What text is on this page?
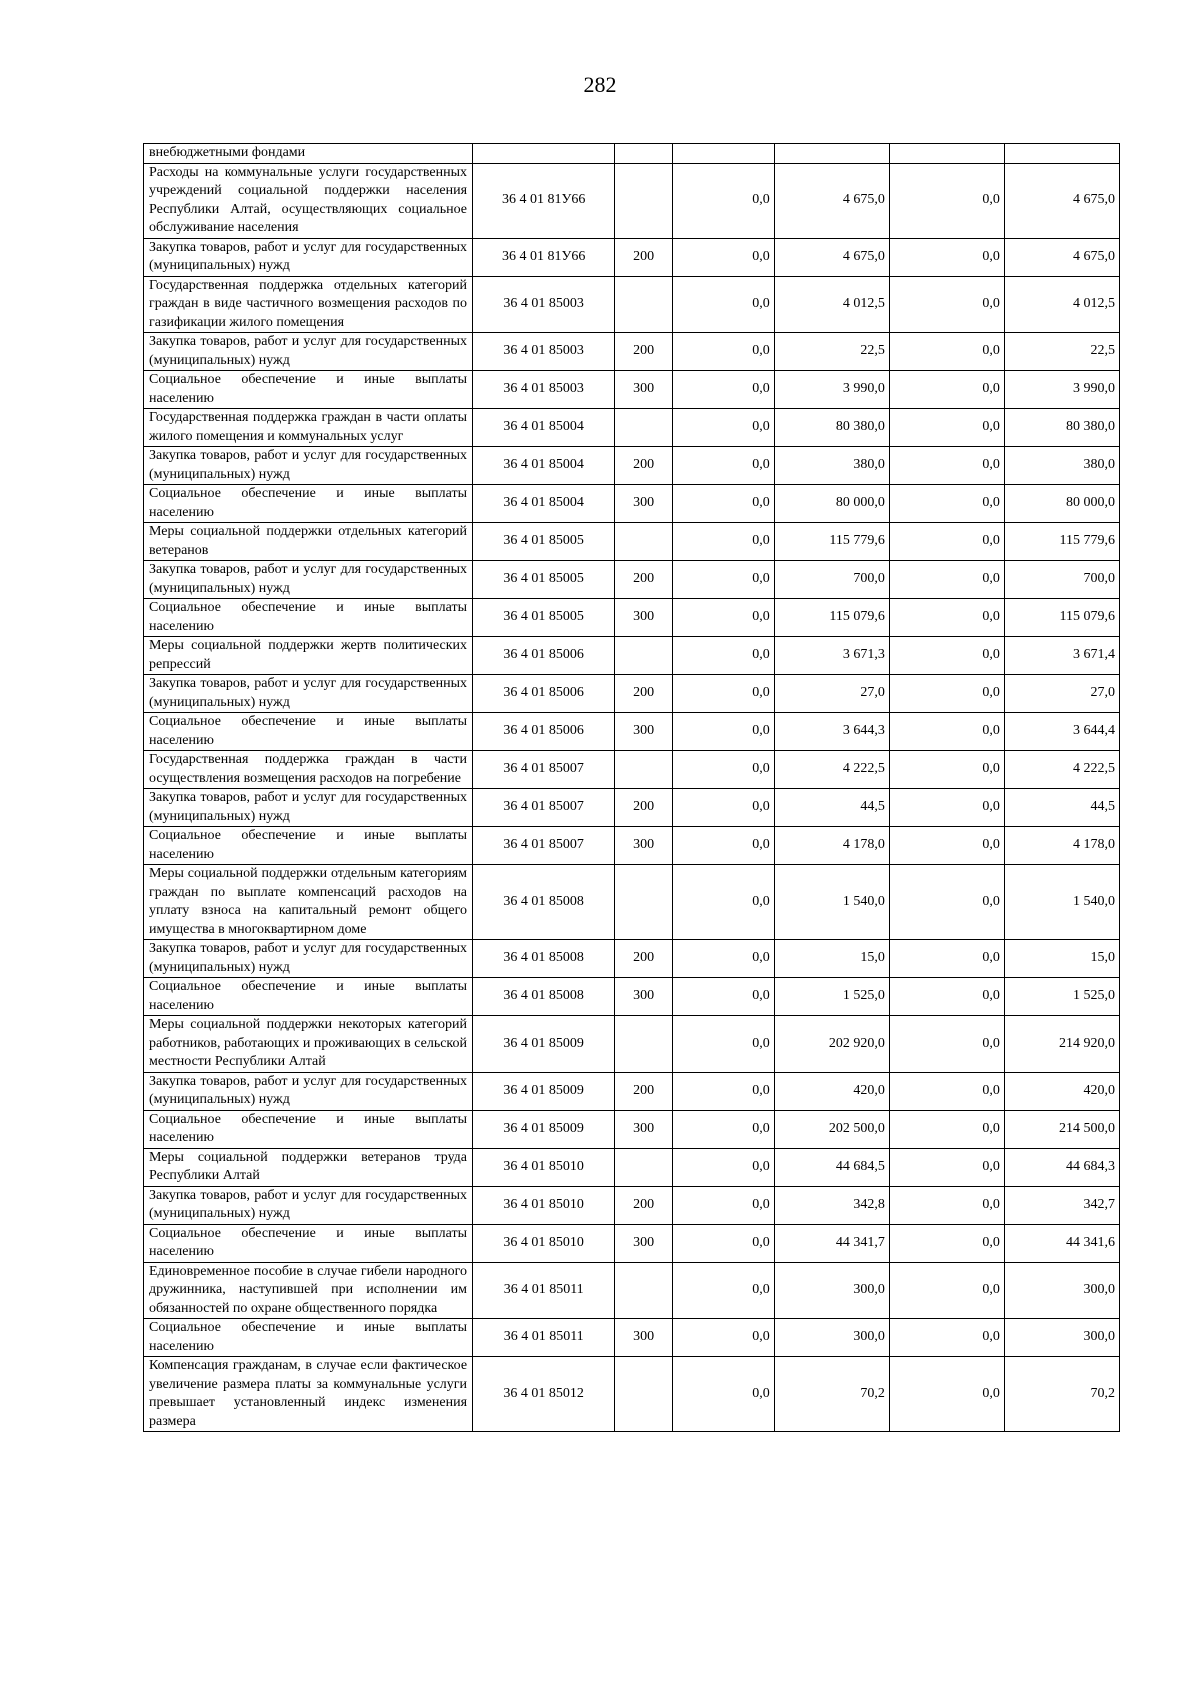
282
внебюджетными фондами						
Расходы на коммунальные услуги государственных учреждений социальной поддержки населения Республики Алтай, осуществляющих социальное обслуживание населения	36 4 01 81У66		0,0	4 675,0	0,0	4 675,0
Закупка товаров, работ и услуг для государственных (муниципальных) нужд	36 4 01 81У66	200	0,0	4 675,0	0,0	4 675,0
Государственная поддержка отдельных категорий граждан в виде частичного возмещения расходов по газификации жилого помещения	36 4 01 85003		0,0	4 012,5	0,0	4 012,5
Закупка товаров, работ и услуг для государственных (муниципальных) нужд	36 4 01 85003	200	0,0	22,5	0,0	22,5
Социальное обеспечение и иные выплаты населению	36 4 01 85003	300	0,0	3 990,0	0,0	3 990,0
Государственная поддержка граждан в части оплаты жилого помещения и коммунальных услуг	36 4 01 85004		0,0	80 380,0	0,0	80 380,0
Закупка товаров, работ и услуг для государственных (муниципальных) нужд	36 4 01 85004	200	0,0	380,0	0,0	380,0
Социальное обеспечение и иные выплаты населению	36 4 01 85004	300	0,0	80 000,0	0,0	80 000,0
Меры социальной поддержки отдельных категорий ветеранов	36 4 01 85005		0,0	115 779,6	0,0	115 779,6
Закупка товаров, работ и услуг для государственных (муниципальных) нужд	36 4 01 85005	200	0,0	700,0	0,0	700,0
Социальное обеспечение и иные выплаты населению	36 4 01 85005	300	0,0	115 079,6	0,0	115 079,6
Меры социальной поддержки жертв политических репрессий	36 4 01 85006		0,0	3 671,3	0,0	3 671,4
Закупка товаров, работ и услуг для государственных (муниципальных) нужд	36 4 01 85006	200	0,0	27,0	0,0	27,0
Социальное обеспечение и иные выплаты населению	36 4 01 85006	300	0,0	3 644,3	0,0	3 644,4
Государственная поддержка граждан в части осуществления возмещения расходов на погребение	36 4 01 85007		0,0	4 222,5	0,0	4 222,5
Закупка товаров, работ и услуг для государственных (муниципальных) нужд	36 4 01 85007	200	0,0	44,5	0,0	44,5
Социальное обеспечение и иные выплаты населению	36 4 01 85007	300	0,0	4 178,0	0,0	4 178,0
Меры социальной поддержки отдельным категориям граждан по выплате компенсаций расходов на уплату взноса на капитальный ремонт общего имущества в многоквартирном доме	36 4 01 85008		0,0	1 540,0	0,0	1 540,0
Закупка товаров, работ и услуг для государственных (муниципальных) нужд	36 4 01 85008	200	0,0	15,0	0,0	15,0
Социальное обеспечение и иные выплаты населению	36 4 01 85008	300	0,0	1 525,0	0,0	1 525,0
Меры социальной поддержки некоторых категорий работников, работающих и проживающих в сельской местности Республики Алтай	36 4 01 85009		0,0	202 920,0	0,0	214 920,0
Закупка товаров, работ и услуг для государственных (муниципальных) нужд	36 4 01 85009	200	0,0	420,0	0,0	420,0
Социальное обеспечение и иные выплаты населению	36 4 01 85009	300	0,0	202 500,0	0,0	214 500,0
Меры социальной поддержки ветеранов труда Республики Алтай	36 4 01 85010		0,0	44 684,5	0,0	44 684,3
Закупка товаров, работ и услуг для государственных (муниципальных) нужд	36 4 01 85010	200	0,0	342,8	0,0	342,7
Социальное обеспечение и иные выплаты населению	36 4 01 85010	300	0,0	44 341,7	0,0	44 341,6
Единовременное пособие в случае гибели народного дружинника, наступившей при исполнении им обязанностей по охране общественного порядка	36 4 01 85011		0,0	300,0	0,0	300,0
Социальное обеспечение и иные выплаты населению	36 4 01 85011	300	0,0	300,0	0,0	300,0
Компенсация гражданам, в случае если фактическое увеличение размера платы за коммунальные услуги превышает установленный индекс изменения размера	36 4 01 85012		0,0	70,2	0,0	70,2
